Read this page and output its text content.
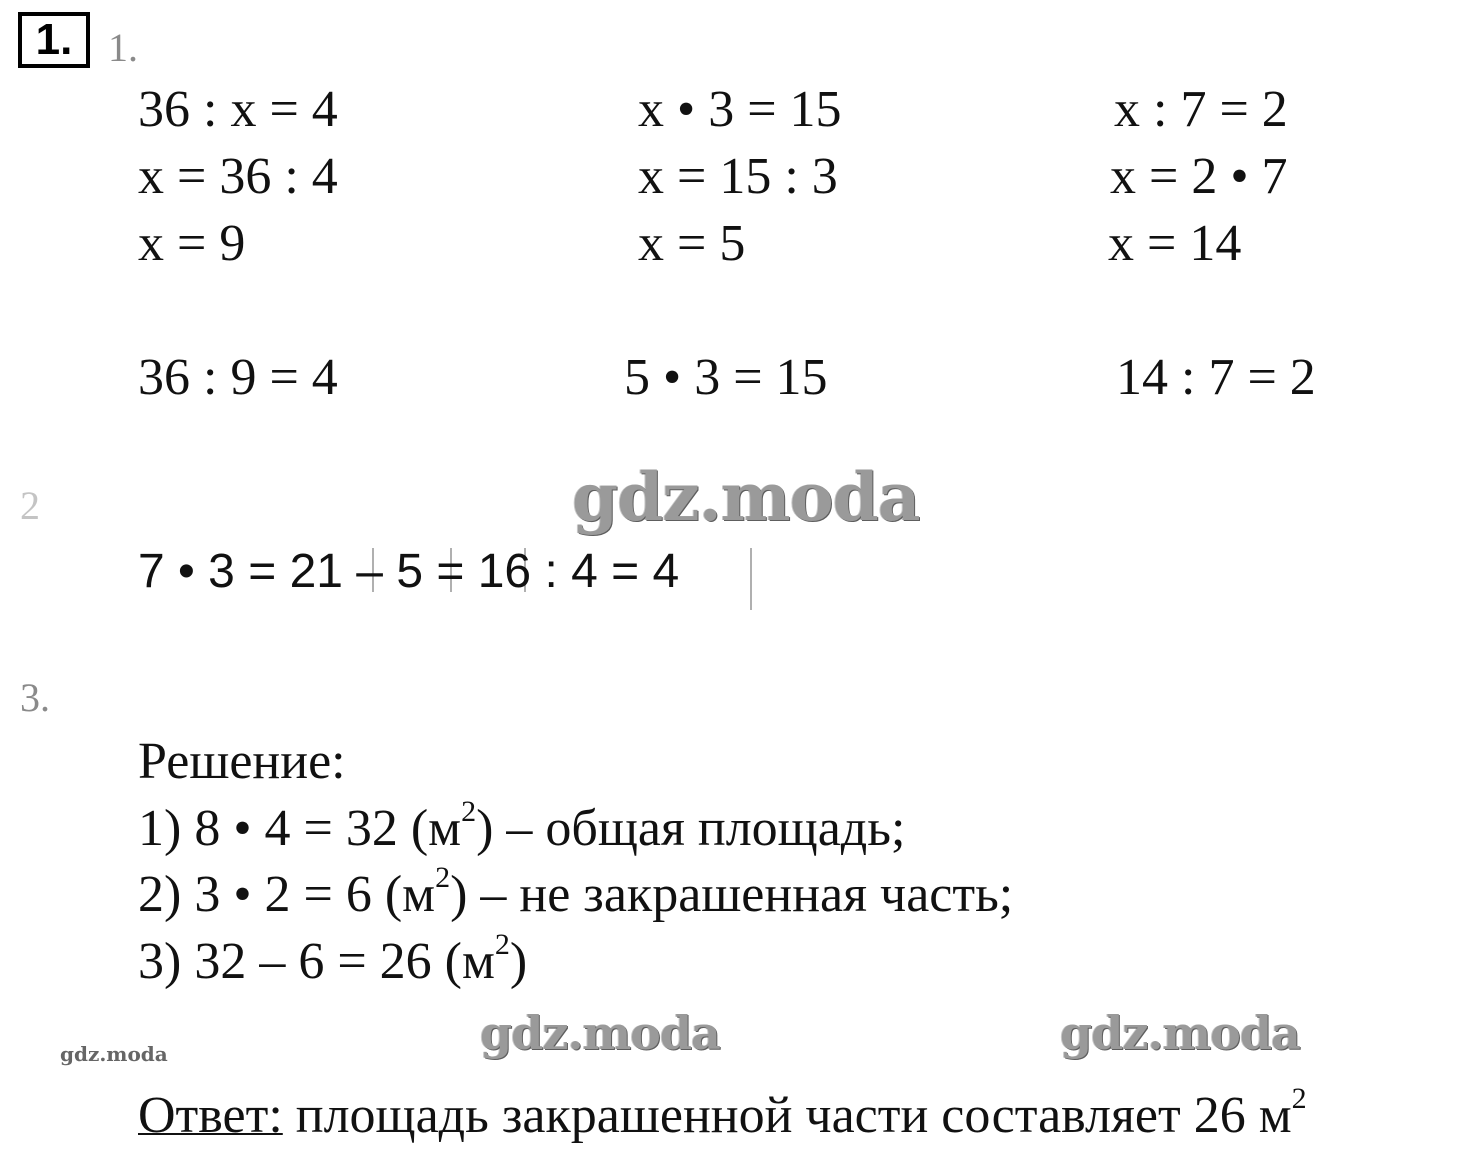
1. 1.
2
3.
36 : x = 4
x = 36 : 4
x = 9
36 : 9 = 4
x • 3 = 15
x = 15 : 3
x = 5
5 • 3 = 15
x : 7 = 2
x = 2 • 7
x = 14
14 : 7 = 2
gdz.moda
7 • 3 = 21 – 5 = 16 : 4 = 4
Решение:
1) 8 • 4 = 32 $(м^2)$ – общая площадь;
2) 3 • 2 = 6 $(м^2)$ – не закрашенная часть;
3) 32 – 6 = 26 $(м^2)$
gdz.moda	gdz.moda
gdz.moda
Ответ: площадь закрашенной части составляет 26 $м^2$
